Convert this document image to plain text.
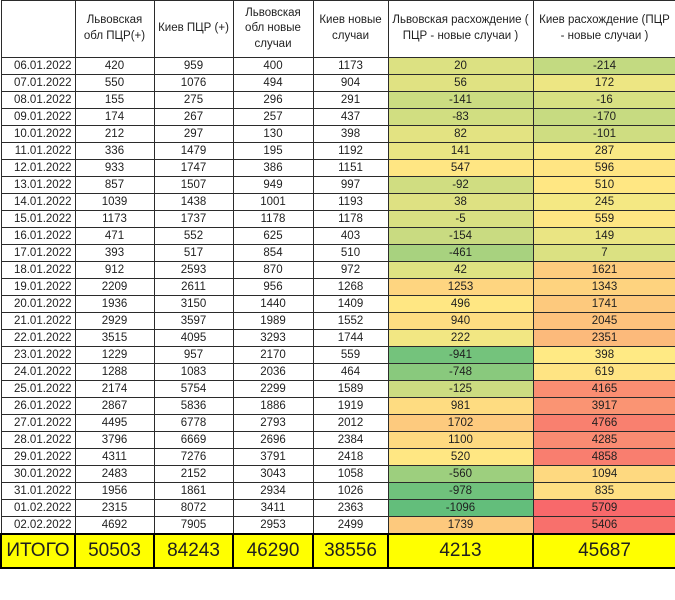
	Львовская обл ПЦР(+)	Киев ПЦР (+)	Львовская обл новые случаи	Киев новые случаи	Львовская расхождение ( ПЦР - новые случаи )	Киев расхождение (ПЦР - новые случаи )
06.01.2022	420	959	400	1173	20	-214
07.01.2022	550	1076	494	904	56	172
08.01.2022	155	275	296	291	-141	-16
09.01.2022	174	267	257	437	-83	-170
10.01.2022	212	297	130	398	82	-101
11.01.2022	336	1479	195	1192	141	287
12.01.2022	933	1747	386	1151	547	596
13.01.2022	857	1507	949	997	-92	510
14.01.2022	1039	1438	1001	1193	38	245
15.01.2022	1173	1737	1178	1178	-5	559
16.01.2022	471	552	625	403	-154	149
17.01.2022	393	517	854	510	-461	7
18.01.2022	912	2593	870	972	42	1621
19.01.2022	2209	2611	956	1268	1253	1343
20.01.2022	1936	3150	1440	1409	496	1741
21.01.2022	2929	3597	1989	1552	940	2045
22.01.2022	3515	4095	3293	1744	222	2351
23.01.2022	1229	957	2170	559	-941	398
24.01.2022	1288	1083	2036	464	-748	619
25.01.2022	2174	5754	2299	1589	-125	4165
26.01.2022	2867	5836	1886	1919	981	3917
27.01.2022	4495	6778	2793	2012	1702	4766
28.01.2022	3796	6669	2696	2384	1100	4285
29.01.2022	4311	7276	3791	2418	520	4858
30.01.2022	2483	2152	3043	1058	-560	1094
31.01.2022	1956	1861	2934	1026	-978	835
01.02.2022	2315	8072	3411	2363	-1096	5709
02.02.2022	4692	7905	2953	2499	1739	5406
ИТОГО	50503	84243	46290	38556	4213	45687
